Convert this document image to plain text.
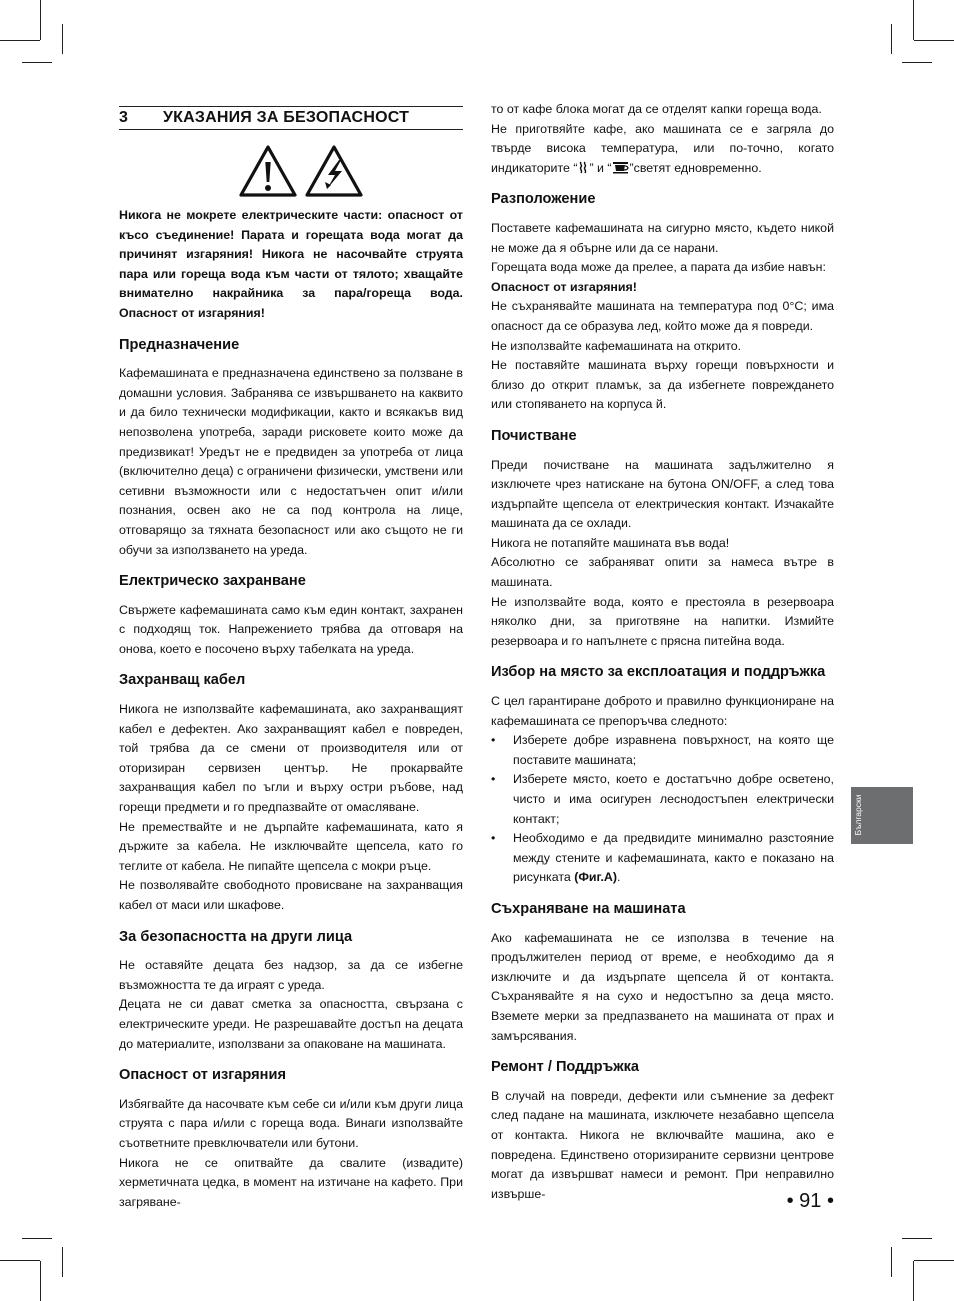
3	УКАЗАНИЯ ЗА БЕЗОПАСНОСТ

Никога не мокрете електрическите части: опасност от късо съединение! Парата и горещата вода могат да причинят изгаряния! Никога не насочвайте струята пара или гореща вода към части от тялото; хващайте внимателно накрайника за пара/гореща вода. Опасност от изгаряния!

Предназначение

Кафемашината е предназначена единствено за ползване в домашни условия. Забранява се извършването на каквито и да било технически модификации, както и всякакъв вид непозволена употреба, заради рисковете които може да предизвикат! Уредът не е предвиден за употреба от лица (включително деца) с ограничени физически, умствени или сетивни възможности или с недостатъчен опит и/или познания, освен ако не са под контрола на лице, отговарящо за тяхната безопасност или ако същото не ги обучи за използването на уреда.

Електрическо захранване

Свържете кафемашината само към един контакт, захранен с подходящ ток. Напрежението трябва да отговаря на онова, което е посочено върху табелката на уреда.

Захранващ кабел

Никога не използвайте кафемашината, ако захранващият кабел е дефектен. Ако захранващият кабел е повреден, той трябва да се смени от производителя или от оторизиран сервизен център. Не прокарвайте захранващия кабел по ъгли и върху остри ръбове, над горещи предмети и го предпазвайте от омасляване.

Не премествайте и не дърпайте кафемашината, като я държите за кабела. Не изключвайте щепсела, като го теглите от кабела. Не пипайте щепсела с мокри ръце.

Не позволявайте свободното провисване на захранващия кабел от маси или шкафове.

За безопасността на други лица

Не оставяйте децата без надзор, за да се избегне възможността те да играят с уреда.

Децата не си дават сметка за опасността, свързана с електрическите уреди. Не разрешавайте достъп на децата до материалите, използвани за опаковане на машината.

Опасност от изгаряния

Избягвайте да насочвате към себе си и/или към други лица струята с пара и/или с гореща вода. Винаги използвайте съответните превключватели или бутони.

Никога не се опитвайте да свалите (извадите) херметичната цедка, в момент на изтичане на кафето. При загряване-

то от кафе блока могат да се отделят капки гореща вода.

Не приготвяйте кафе, ако машината се е загряла до твърде висока температура, или по-точно, когато индикаторите “ ” и “ ”светят едновременно.

Разположение

Поставете кафемашината на сигурно място, където никой не може да я обърне или да се нарани.

Горещата вода може да прелее, а парата да избие навън:

Опасност от изгаряния!

Не съхранявайте машината на температура под 0°C; има опасност да се образува лед, който може да я повреди.

Не използвайте кафемашината на открито.

Не поставяйте машината върху горещи повърхности и близо до открит пламък, за да избегнете повреждането или стопяването на корпуса й.

Почистване

Преди почистване на машината задължително я изключете чрез натискане на бутона ON/OFF, а след това издърпайте щепсела от електрическия контакт. Изчакайте машината да се охлади.

Никога не потапяйте машината във вода!

Абсолютно се забраняват опити за намеса вътре в машината.

Не използвайте вода, която е престояла в резервоара няколко дни, за приготвяне на напитки. Измийте резервоара и го напълнете с прясна питейна вода.

Избор на място за експлоатация и поддръжка

С цел гарантиране доброто и правилно функциониране на кафемашината се препоръчва следното:

• Изберете добре изравнена повърхност, на която ще поставите машината;
• Изберете място, което е достатъчно добре осветено, чисто и има осигурен леснодостъпен електрически контакт;
• Необходимо е да предвидите минимално разстояние между стените и кафемашината, както е показано на рисунката (Фиг.A).
Съхраняване на машината

Ако кафемашината не се използва в течение на продължителен период от време, е необходимо да я изключите и да издърпате щепсела й от контакта. Съхранявайте я на сухо и недостъпно за деца място. Вземете мерки за предпазването на машината от прах и замърсявания.

Ремонт / Поддръжка

В случай на повреди, дефекти или съмнение за дефект след падане на машината, изключете незабавно щепсела от контакта. Никога не включвайте машина, ако е повредена. Единствено оторизираните сервизни центрове могат да извършват намеси и ремонт. При неправилно извърше-

Български
• 91 •
